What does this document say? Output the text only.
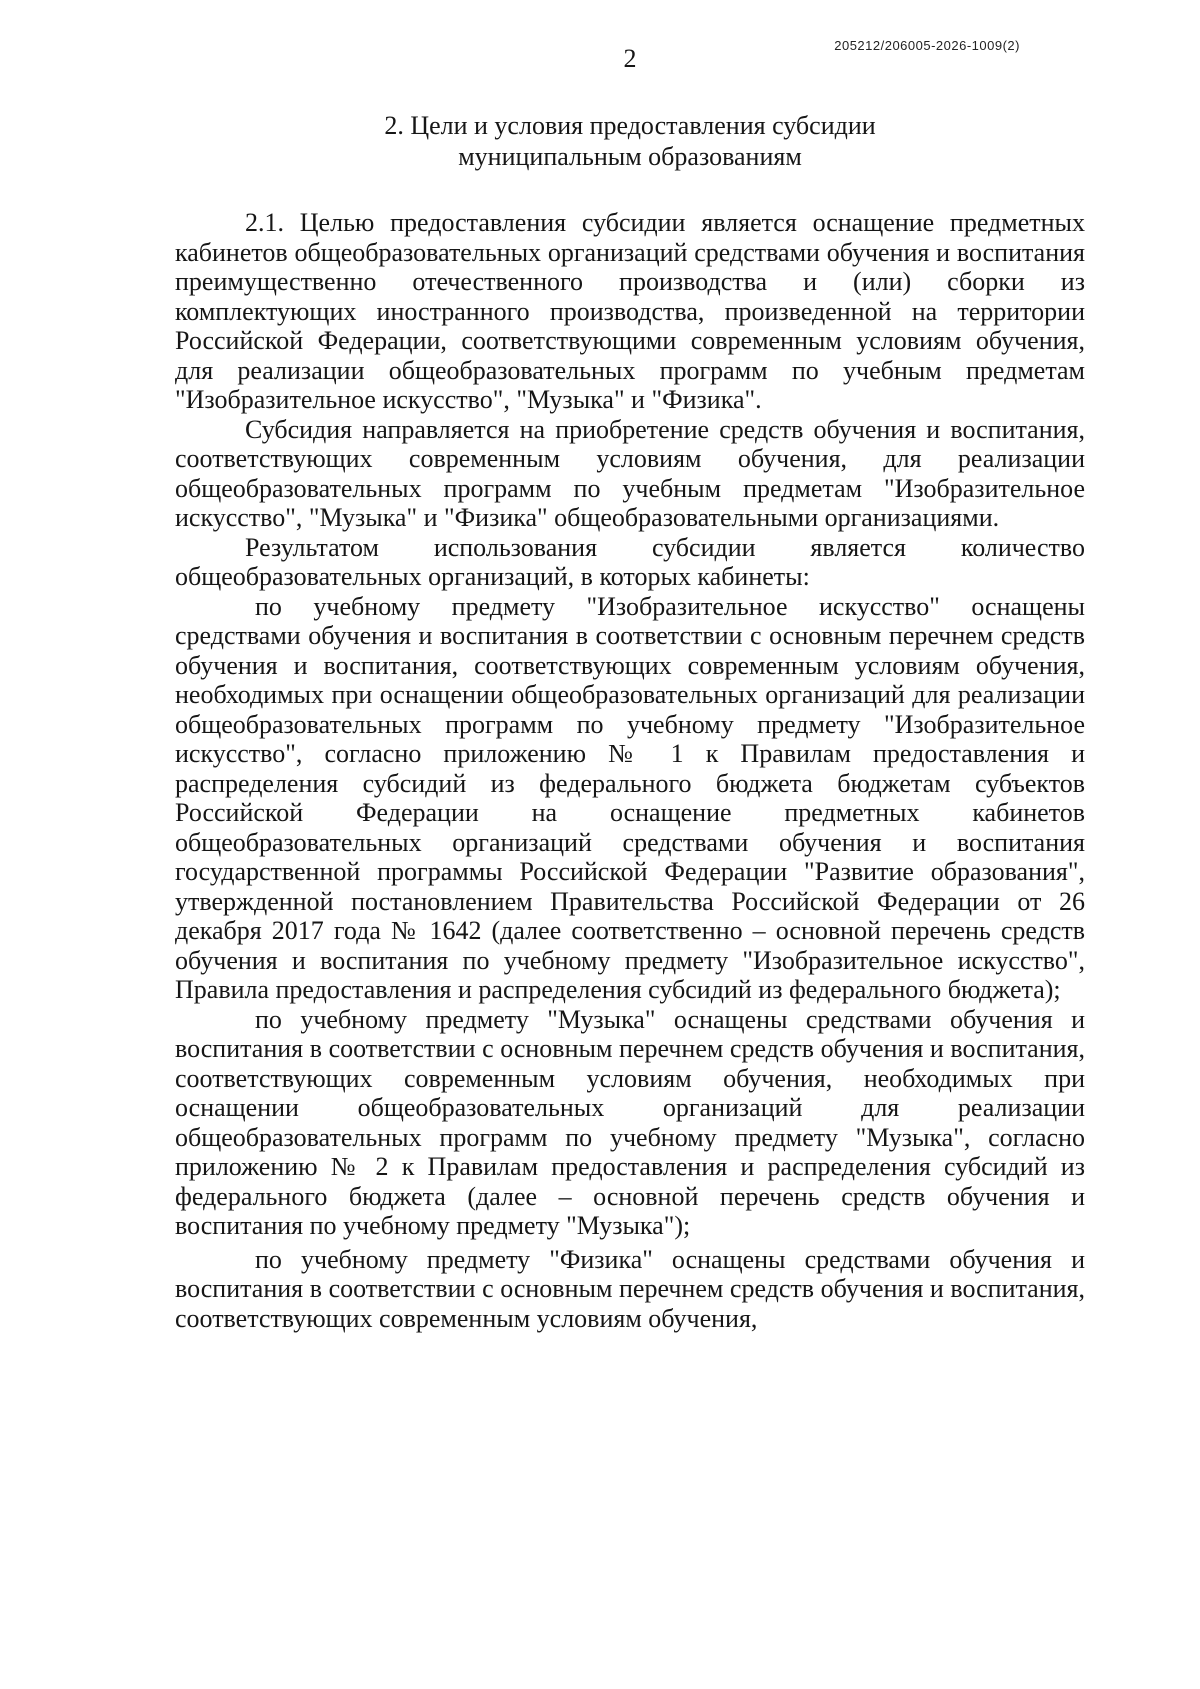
205212/206005-2026-1009(2)
2
2. Цели и условия предоставления субсидии
муниципальным образованиям

2.1. Целью предоставления субсидии является оснащение предметных кабинетов общеобразовательных организаций средствами обучения и воспитания преимущественно отечественного производства и (или) сборки из комплектующих иностранного производства, произведенной на территории Российской Федерации, соответствующими современным условиям обучения, для реализации общеобразовательных программ по учебным предметам "Изобразительное искусство", "Музыка" и "Физика".

Субсидия направляется на приобретение средств обучения и воспитания, соответствующих современным условиям обучения, для реализации общеобразовательных программ по учебным предметам "Изобразительное искусство", "Музыка" и "Физика" общеобразовательными организациями.

Результатом использования субсидии является количество общеобразовательных организаций, в которых кабинеты:

по учебному предмету "Изобразительное искусство" оснащены средствами обучения и воспитания в соответствии с основным перечнем средств обучения и воспитания, соответствующих современным условиям обучения, необходимых при оснащении общеобразовательных организаций для реализации общеобразовательных программ по учебному предмету "Изобразительное искусство", согласно приложению № 1 к Правилам предоставления и распределения субсидий из федерального бюджета бюджетам субъектов Российской Федерации на оснащение предметных кабинетов общеобразовательных организаций средствами обучения и воспитания государственной программы Российской Федерации "Развитие образования", утвержденной постановлением Правительства Российской Федерации от 26 декабря 2017 года № 1642 (далее соответственно – основной перечень средств обучения и воспитания по учебному предмету "Изобразительное искусство", Правила предоставления и распределения субсидий из федерального бюджета);

по учебному предмету "Музыка" оснащены средствами обучения и воспитания в соответствии с основным перечнем средств обучения и воспитания, соответствующих современным условиям обучения, необходимых при оснащении общеобразовательных организаций для реализации общеобразовательных программ по учебному предмету "Музыка", согласно приложению № 2 к Правилам предоставления и распределения субсидий из федерального бюджета (далее – основной перечень средств обучения и воспитания по учебному предмету "Музыка");

по учебному предмету "Физика" оснащены средствами обучения и воспитания в соответствии с основным перечнем средств обучения и воспитания, соответствующих современным условиям обучения,
